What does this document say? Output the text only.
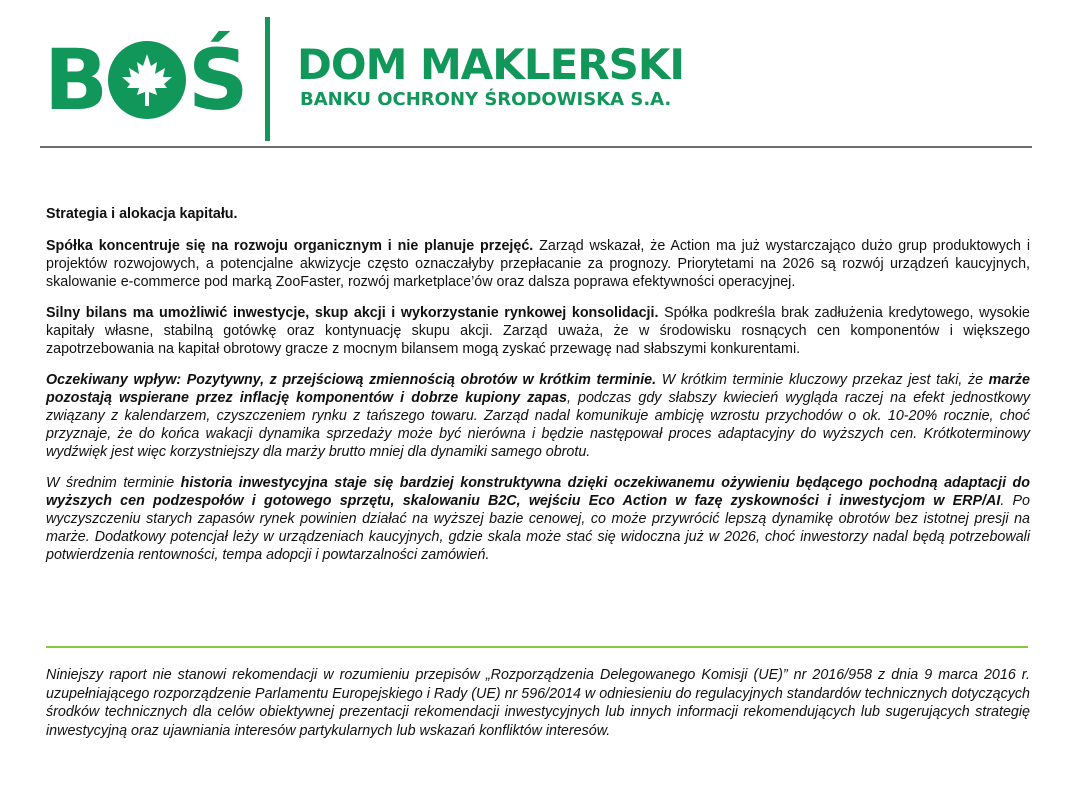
B Ś DOM MAKLERSKI
BANKU OCHRONY ŚRODOWISKA S.A.

Strategia i alokacja kapitału.

Spółka koncentruje się na rozwoju organicznym i nie planuje przejęć. Zarząd wskazał, że Action ma już wystarczająco dużo grup produktowych i projektów rozwojowych, a potencjalne akwizycje często oznaczałyby przepłacanie za prognozy. Priorytetami na 2026 są rozwój urządzeń kaucyjnych, skalowanie e-commerce pod marką ZooFaster, rozwój marketplace’ów oraz dalsza poprawa efektywności operacyjnej.

Silny bilans ma umożliwić inwestycje, skup akcji i wykorzystanie rynkowej konsolidacji. Spółka podkreśla brak zadłużenia kredytowego, wysokie kapitały własne, stabilną gotówkę oraz kontynuację skupu akcji. Zarząd uważa, że w środowisku rosnących cen komponentów i większego zapotrzebowania na kapitał obrotowy gracze z mocnym bilansem mogą zyskać przewagę nad słabszymi konkurentami.

Oczekiwany wpływ: Pozytywny, z przejściową zmiennością obrotów w krótkim terminie. W krótkim terminie kluczowy przekaz jest taki, że marże pozostają wspierane przez inflację komponentów i dobrze kupiony zapas, podczas gdy słabszy kwiecień wygląda raczej na efekt jednostkowy związany z kalendarzem, czyszczeniem rynku z tańszego towaru. Zarząd nadal komunikuje ambicję wzrostu przychodów o ok. 10-20% rocznie, choć przyznaje, że do końca wakacji dynamika sprzedaży może być nierówna i będzie następował proces adaptacyjny do wyższych cen. Krótkoterminowy wydźwięk jest więc korzystniejszy dla marży brutto mniej dla dynamiki samego obrotu.

W średnim terminie historia inwestycyjna staje się bardziej konstruktywna dzięki oczekiwanemu ożywieniu będącego pochodną adaptacji do wyższych cen podzespołów i gotowego sprzętu, skalowaniu B2C, wejściu Eco Action w fazę zyskowności i inwestycjom w ERP/AI. Po wyczyszczeniu starych zapasów rynek powinien działać na wyższej bazie cenowej, co może przywrócić lepszą dynamikę obrotów bez istotnej presji na marże. Dodatkowy potencjał leży w urządzeniach kaucyjnych, gdzie skala może stać się widoczna już w 2026, choć inwestorzy nadal będą potrzebowali potwierdzenia rentowności, tempa adopcji i powtarzalności zamówień.

Niniejszy raport nie stanowi rekomendacji w rozumieniu przepisów „Rozporządzenia Delegowanego Komisji (UE)” nr 2016/958 z dnia 9 marca 2016 r. uzupełniającego rozporządzenie Parlamentu Europejskiego i Rady (UE) nr 596/2014 w odniesieniu do regulacyjnych standardów technicznych dotyczących środków technicznych dla celów obiektywnej prezentacji rekomendacji inwestycyjnych lub innych informacji rekomendujących lub sugerujących strategię inwestycyjną oraz ujawniania interesów partykularnych lub wskazań konfliktów interesów.
